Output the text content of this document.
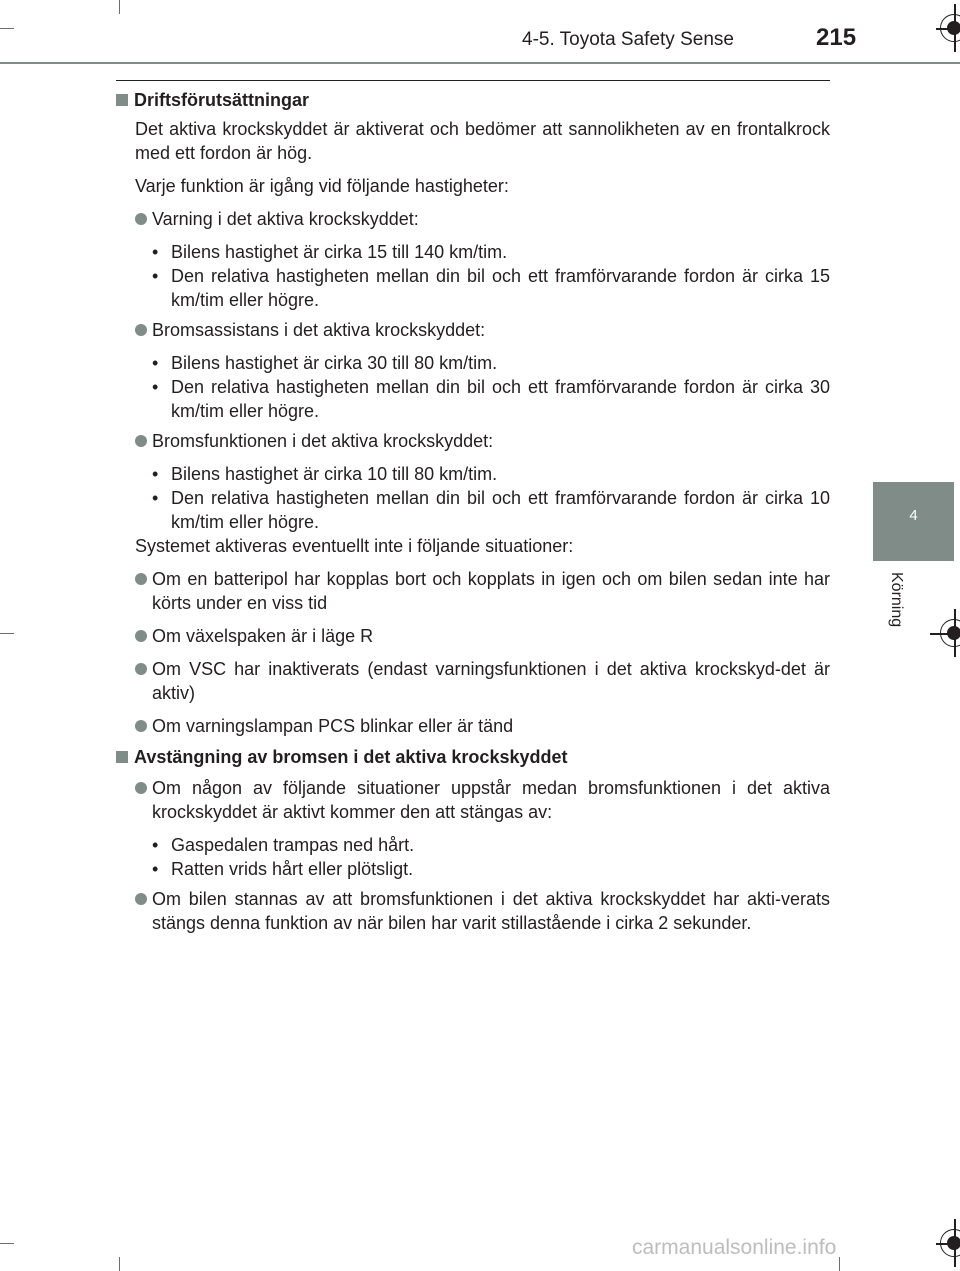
4-5. Toyota Safety Sense	215
4
Körning
Driftsförutsättningar
Det aktiva krockskyddet är aktiverat och bedömer att sannolikheten av en frontalkrock med ett fordon är hög.
Varje funktion är igång vid följande hastigheter:
Varning i det aktiva krockskyddet:
• Bilens hastighet är cirka 15 till 140 km/tim.
• Den relativa hastigheten mellan din bil och ett framförvarande fordon är cirka 15 km/tim eller högre.
Bromsassistans i det aktiva krockskyddet:
• Bilens hastighet är cirka 30 till 80 km/tim.
• Den relativa hastigheten mellan din bil och ett framförvarande fordon är cirka 30 km/tim eller högre.
Bromsfunktionen i det aktiva krockskyddet:
• Bilens hastighet är cirka 10 till 80 km/tim.
• Den relativa hastigheten mellan din bil och ett framförvarande fordon är cirka 10 km/tim eller högre.
Systemet aktiveras eventuellt inte i följande situationer:
Om en batteripol har kopplas bort och kopplats in igen och om bilen sedan inte har körts under en viss tid
Om växelspaken är i läge R
Om VSC har inaktiverats (endast varningsfunktionen i det aktiva krockskyd-det är aktiv)
Om varningslampan PCS blinkar eller är tänd
Avstängning av bromsen i det aktiva krockskyddet
Om någon av följande situationer uppstår medan bromsfunktionen i det aktiva krockskyddet är aktivt kommer den att stängas av:
• Gaspedalen trampas ned hårt.
• Ratten vrids hårt eller plötsligt.
Om bilen stannas av att bromsfunktionen i det aktiva krockskyddet har akti-verats stängs denna funktion av när bilen har varit stillastående i cirka 2 sekunder.
carmanualsonline.info
